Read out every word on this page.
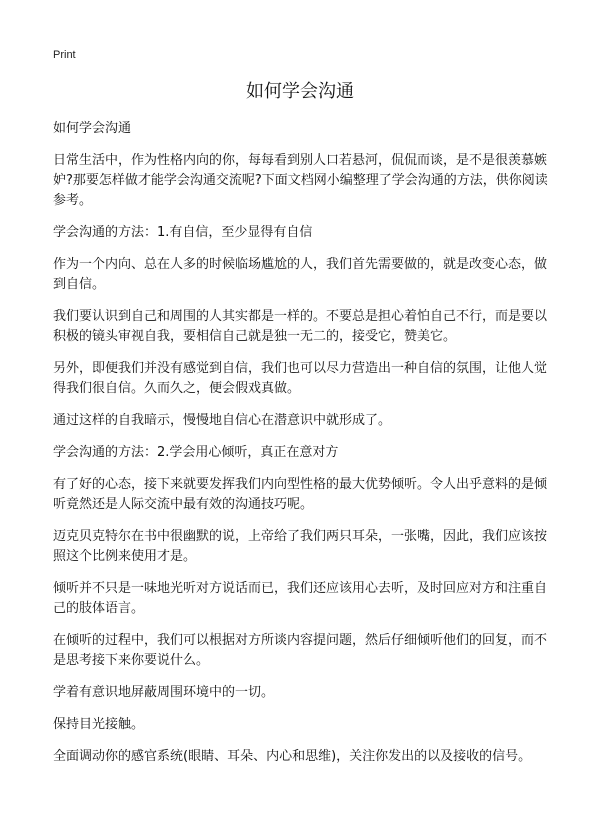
Print
如何学会沟通

如何学会沟通

日常生活中，作为性格内向的你，每每看到别人口若悬河，侃侃而谈，是不是很羡慕嫉妒?那要怎样做才能学会沟通交流呢?下面文档网小编整理了学会沟通的方法，供你阅读参考。

学会沟通的方法：1.有自信，至少显得有自信

作为一个内向、总在人多的时候临场尴尬的人，我们首先需要做的，就是改变心态，做到自信。

我们要认识到自己和周围的人其实都是一样的。不要总是担心着怕自己不行，而是要以积极的镜头审视自我，要相信自己就是独一无二的，接受它，赞美它。

另外，即便我们并没有感觉到自信，我们也可以尽力营造出一种自信的氛围，让他人觉得我们很自信。久而久之，便会假戏真做。

通过这样的自我暗示，慢慢地自信心在潜意识中就形成了。

学会沟通的方法：2.学会用心倾听，真正在意对方

有了好的心态，接下来就要发挥我们内向型性格的最大优势倾听。令人出乎意料的是倾听竟然还是人际交流中最有效的沟通技巧呢。

迈克贝克特尔在书中很幽默的说，上帝给了我们两只耳朵，一张嘴，因此，我们应该按照这个比例来使用才是。

倾听并不只是一味地光听对方说话而已，我们还应该用心去听，及时回应对方和注重自己的肢体语言。

在倾听的过程中，我们可以根据对方所谈内容提问题，然后仔细倾听他们的回复，而不是思考接下来你要说什么。

学着有意识地屏蔽周围环境中的一切。

保持目光接触。

全面调动你的感官系统(眼睛、耳朵、内心和思维)，关注你发出的以及接收的信号。
